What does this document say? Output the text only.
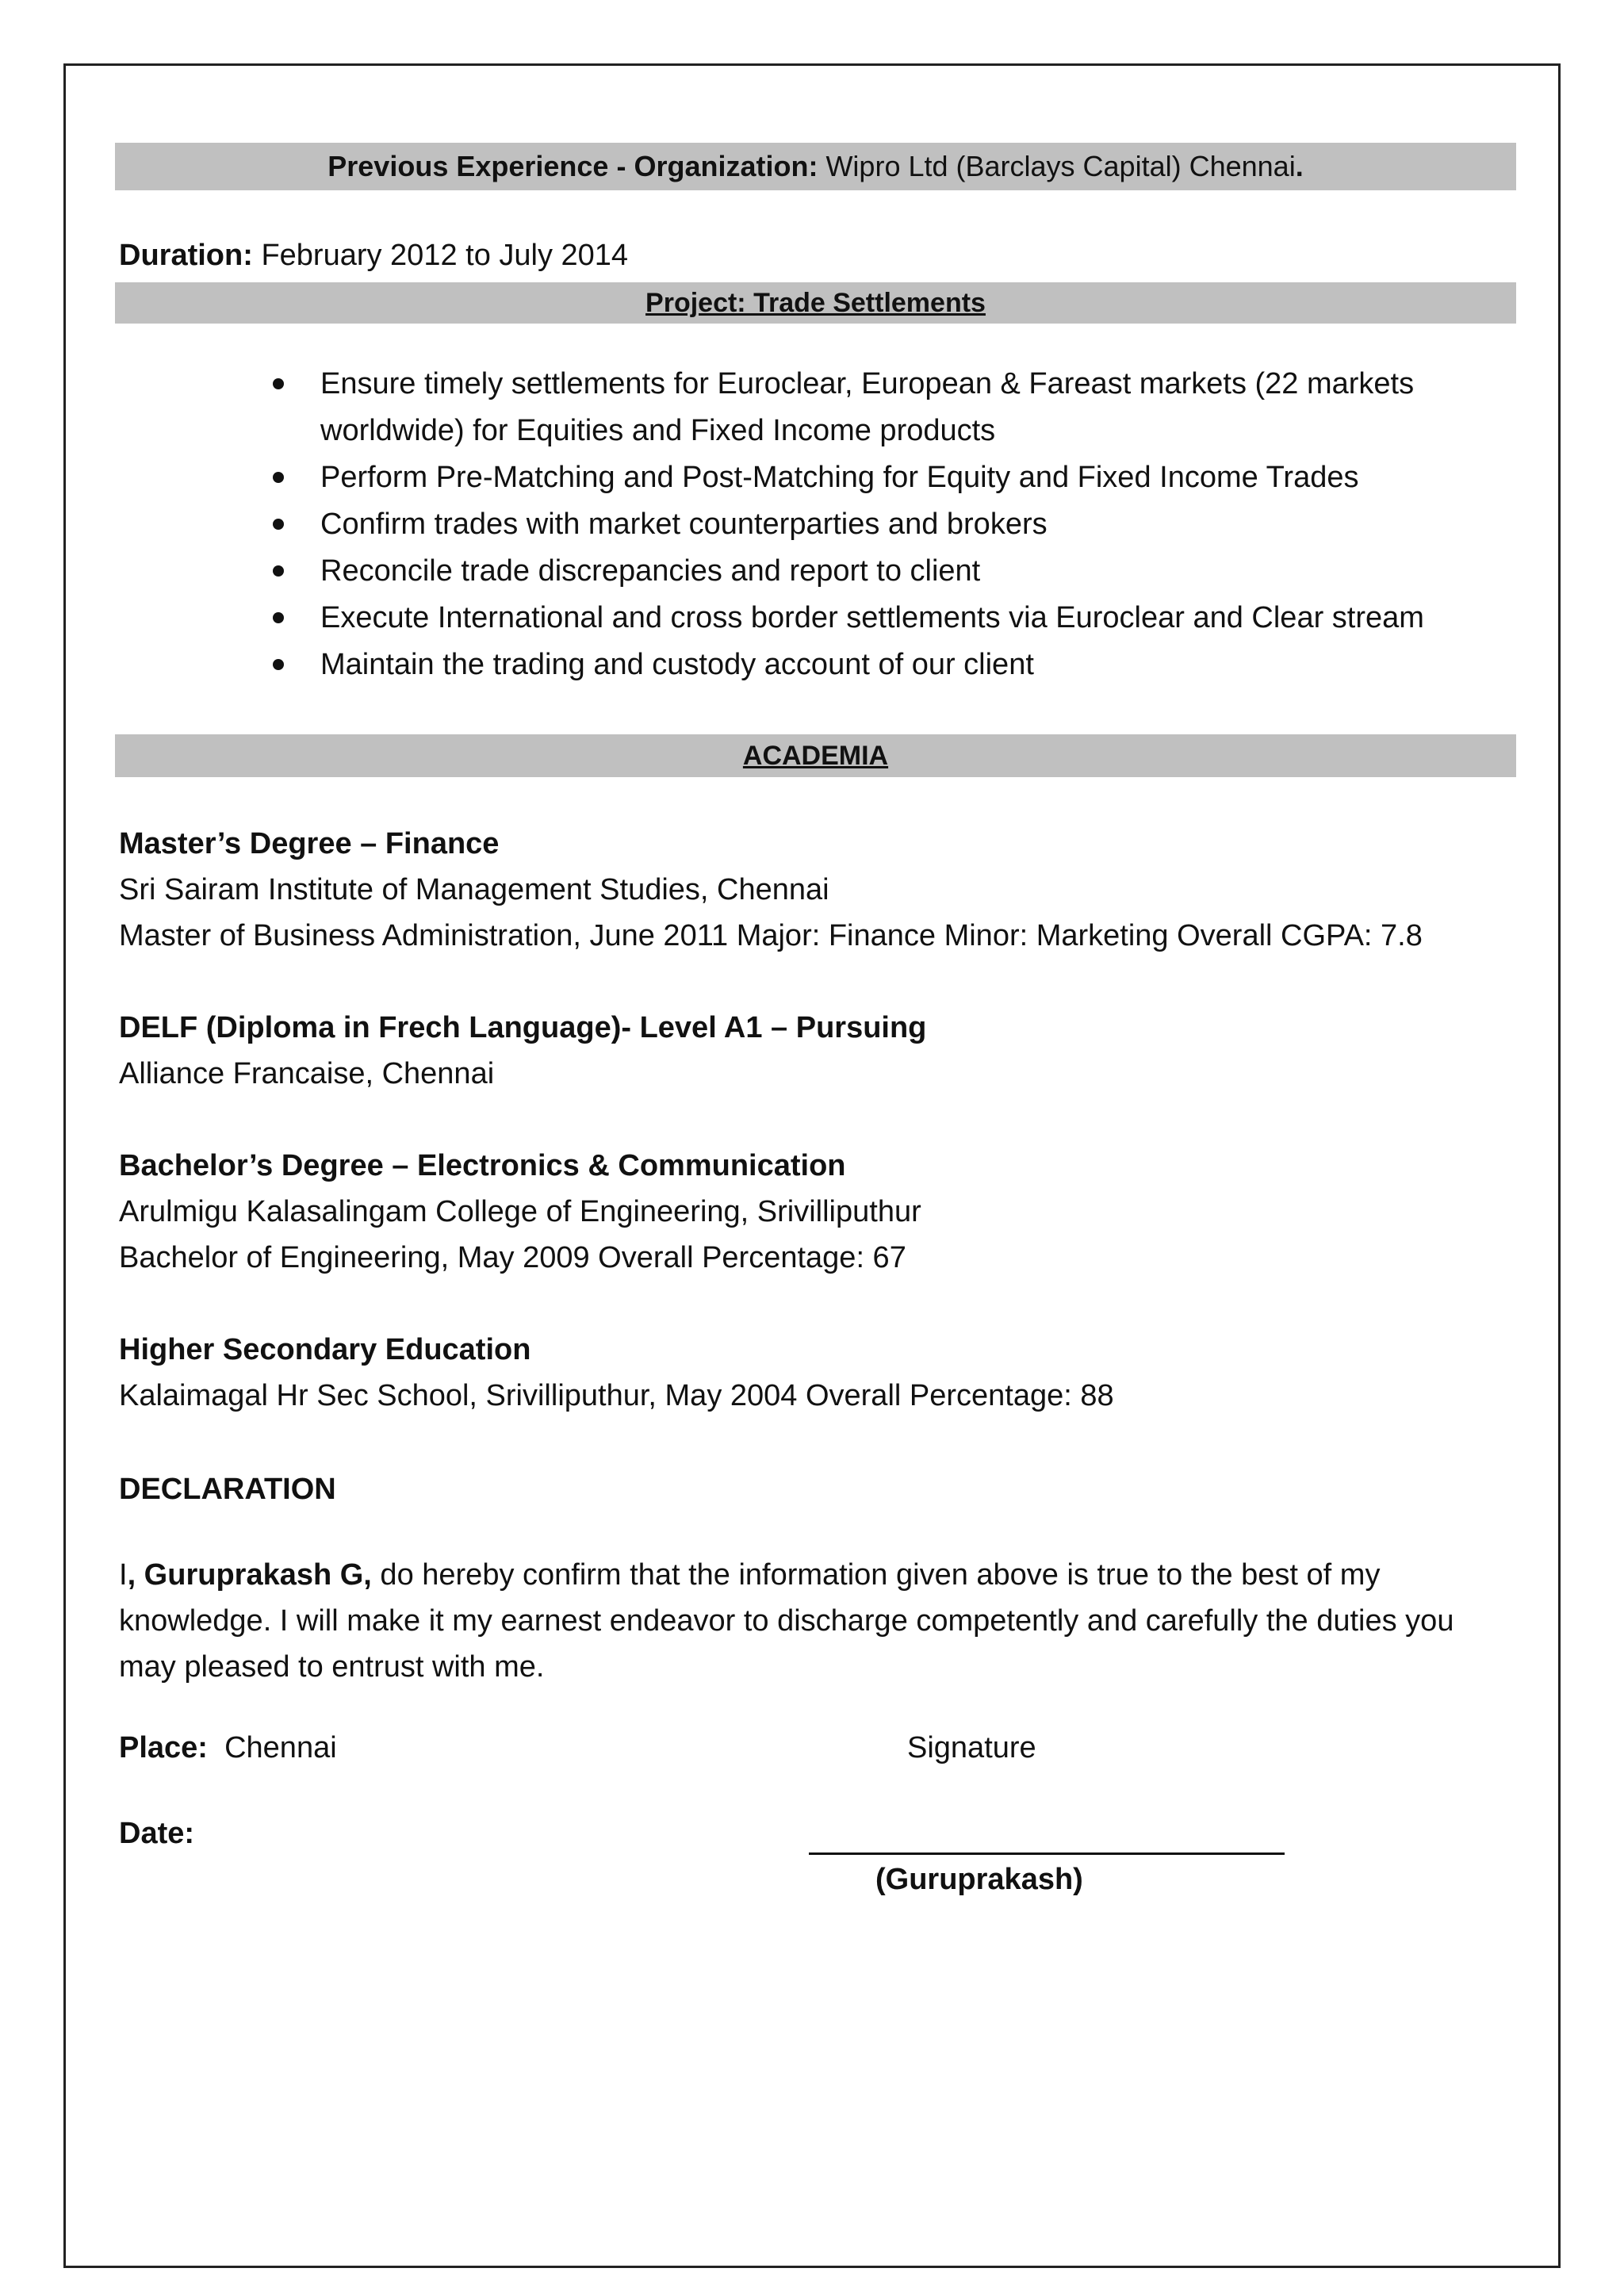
Previous Experience - Organization: Wipro Ltd (Barclays Capital) Chennai.
Duration: February 2012 to July 2014
Project: Trade Settlements
Ensure timely settlements for Euroclear, European & Fareast markets (22 markets worldwide) for Equities and Fixed Income products
Perform Pre-Matching and Post-Matching for Equity and Fixed Income Trades
Confirm trades with market counterparties and brokers
Reconcile trade discrepancies and report to client
Execute International and cross border settlements via Euroclear and Clear stream
Maintain the trading and custody account of our client
ACADEMIA
Master’s Degree – Finance
Sri Sairam Institute of Management Studies, Chennai
Master of Business Administration, June 2011 Major: Finance Minor: Marketing Overall CGPA: 7.8
DELF (Diploma in Frech Language)- Level A1 – Pursuing
Alliance Francaise, Chennai
Bachelor’s Degree – Electronics & Communication
Arulmigu Kalasalingam College of Engineering, Srivilliputhur
Bachelor of Engineering, May 2009 Overall Percentage: 67
Higher Secondary Education
Kalaimagal Hr Sec School, Srivilliputhur, May 2004 Overall Percentage: 88
DECLARATION
I, Guruprakash G, do hereby confirm that the information given above is true to the best of my
knowledge. I will make it my earnest endeavor to discharge competently and carefully the duties you
may pleased to entrust with me.
Place: Chennai	Signature
Date:
(Guruprakash)
